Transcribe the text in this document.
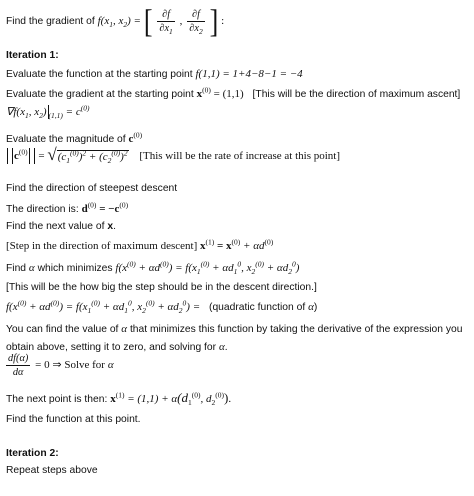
Find the gradient of $f(x_1$, $x_2$) = [ $\frac{\partial f}{\partial x_1}$ , $\frac{\partial f}{\partial x_2}$ ] :
Iteration 1:
Evaluate the function at the starting point f(1,1) = 1+4−8−1 = −4
Evaluate the gradient at the starting point $x^{(0)} = (1,1)$ [This will be the direction of maximum ascent]
$\nabla f(x_1$, $x_2$) $_{(1,1)} = c^{(0)}$
Evaluate the magnitude of $c^{(0)}$
$c^{(0)} = √(c_1^{(0)})^2 + (c_2^{(0)})^2$ [This will be the rate of increase at this point]
Find the direction of steepest descent
The direction is: $d^{(0)} = -c^{(0)}$
Find the next value of x.
[Step in the direction of maximum descent] $x^{(1)} = x^{(0)} + \alpha d^{(0)}$
Find α which minimizes $f(x^{(0)} + \alpha d^{(0)}) = f(x_1^{(0)} + \alpha d_1^0$, $x_2^{(0)} + \alpha d_2^0$)
[This will be the how big the step should be in the descent direction.]
$f(x^{(0)} + \alpha d^{(0)}) = f(x_1^{(0)} + \alpha d_1^0$, $x_2^{(0)} + \alpha d_2^0$) = (quadratic function of α)
You can find the value of α that minimizes this function by taking the derivative of the expression you
obtain above, setting it to zero, and solving for α.
$\frac{df(\alpha)}{d\alpha} = 0$ ⇒ Solve for α
The next point is then: $x^{(1)} = (1,1) + \alpha(d_1^{(0)}$, $d_2^{(0)}$).
Find the function at this point.
Iteration 2:
Repeat steps above
